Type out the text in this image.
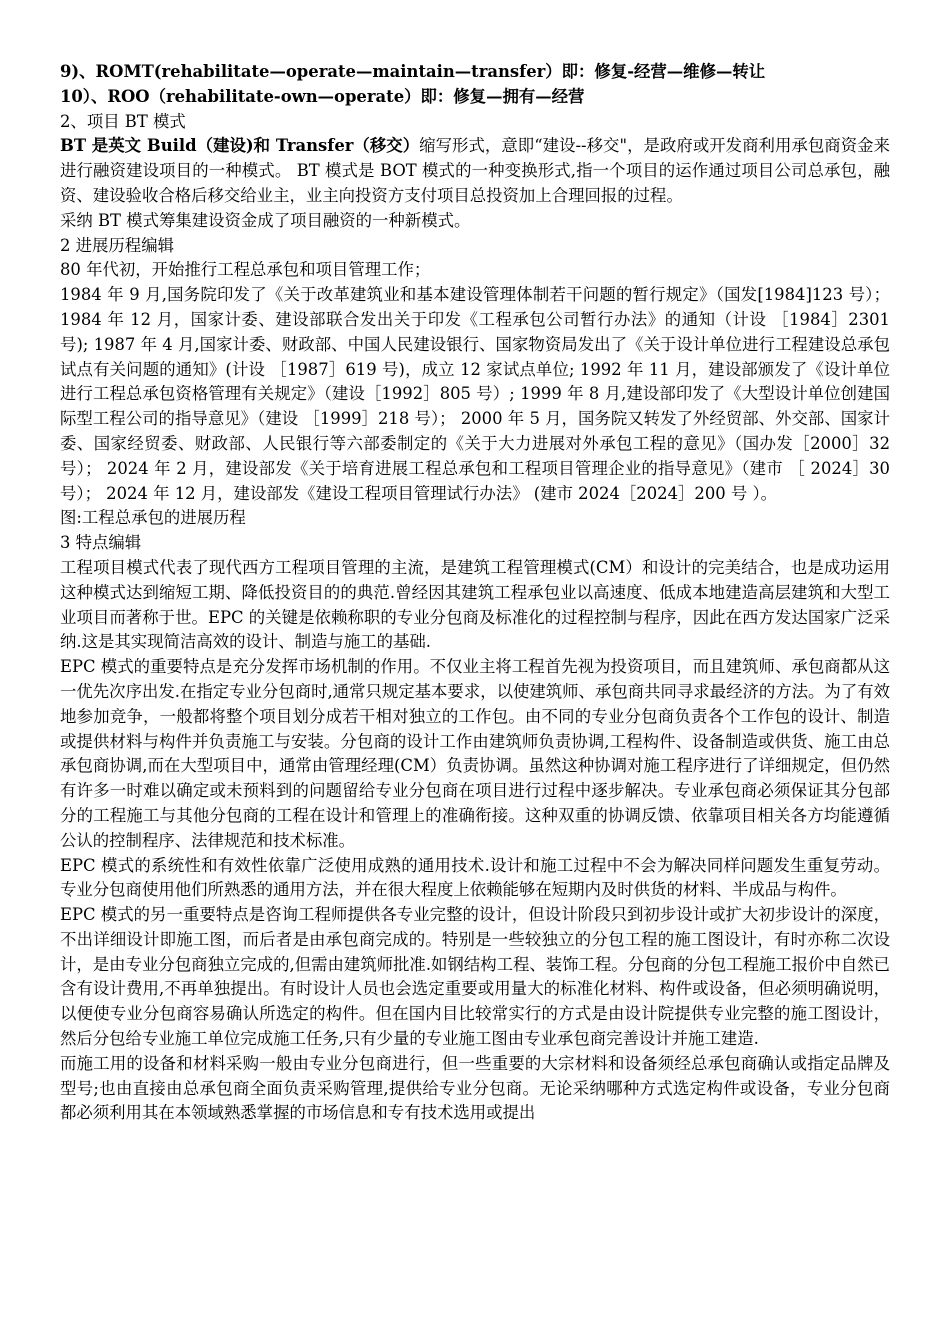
9)、ROMT(rehabilitate—operate—maintain—transfer）即：修复-经营—维修—转让

10）、ROO（rehabilitate-own—operate）即：修复—拥有—经营

2、项目 BT 模式

BT 是英文 Build（建设)和 Transfer（移交）缩写形式，意即“建设--移交"，是政府或开发商利用承包商资金来进行融资建设项目的一种模式。 BT 模式是 BOT 模式的一种变换形式,指一个项目的运作通过项目公司总承包，融资、建设验收合格后移交给业主，业主向投资方支付项目总投资加上合理回报的过程。

采纳 BT 模式筹集建设资金成了项目融资的一种新模式。

2 进展历程编辑

80 年代初，开始推行工程总承包和项目管理工作；

1984 年 9 月,国务院印发了《关于改革建筑业和基本建设管理体制若干问题的暂行规定》（国发[1984]123 号）； 1984 年 12 月，国家计委、建设部联合发出关于印发《工程承包公司暂行办法》的通知（计设 ［1984］2301 号); 1987 年 4 月,国家计委、财政部、中国人民建设银行、国家物资局发出了《关于设计单位进行工程建设总承包试点有关问题的通知》(计设 ［1987］619 号)，成立 12 家试点单位; 1992 年 11 月，建设部颁发了《设计单位进行工程总承包资格管理有关规定》（建设［1992］805 号）; 1999 年 8 月,建设部印发了《大型设计单位创建国际型工程公司的指导意见》（建设 ［1999］218 号）； 2000 年 5 月，国务院又转发了外经贸部、外交部、国家计委、国家经贸委、财政部、人民银行等六部委制定的《关于大力进展对外承包工程的意见》（国办发［2000］32 号）； 2024 年 2 月，建设部发《关于培育进展工程总承包和工程项目管理企业的指导意见》（建市 ［ 2024］30 号）； 2024 年 12 月，建设部发《建设工程项目管理试行办法》 (建市 2024［2024］200 号 ）。

图:工程总承包的进展历程

3 特点编辑

工程项目模式代表了现代西方工程项目管理的主流，是建筑工程管理模式(CM）和设计的完美结合，也是成功运用这种模式达到缩短工期、降低投资目的的典范.曾经因其建筑工程承包业以高速度、低成本地建造高层建筑和大型工业项目而著称于世。EPC 的关键是依赖称职的专业分包商及标准化的过程控制与程序，因此在西方发达国家广泛采纳.这是其实现简洁高效的设计、制造与施工的基础.

EPC 模式的重要特点是充分发挥市场机制的作用。不仅业主将工程首先视为投资项目，而且建筑师、承包商都从这一优先次序出发.在指定专业分包商时,通常只规定基本要求，以使建筑师、承包商共同寻求最经济的方法。为了有效地参加竞争，一般都将整个项目划分成若干相对独立的工作包。由不同的专业分包商负责各个工作包的设计、制造或提供材料与构件并负责施工与安装。分包商的设计工作由建筑师负责协调,工程构件、设备制造或供货、施工由总承包商协调,而在大型项目中，通常由管理经理(CM）负责协调。虽然这种协调对施工程序进行了详细规定，但仍然有许多一时难以确定或未预料到的问题留给专业分包商在项目进行过程中逐步解决。专业承包商必须保证其分包部分的工程施工与其他分包商的工程在设计和管理上的准确衔接。这种双重的协调反馈、依靠项目相关各方均能遵循公认的控制程序、法律规范和技术标准。

EPC 模式的系统性和有效性依靠广泛使用成熟的通用技术.设计和施工过程中不会为解决同样问题发生重复劳动。专业分包商使用他们所熟悉的通用方法，并在很大程度上依赖能够在短期内及时供货的材料、半成品与构件。

EPC 模式的另一重要特点是咨询工程师提供各专业完整的设计，但设计阶段只到初步设计或扩大初步设计的深度，不出详细设计即施工图，而后者是由承包商完成的。特别是一些较独立的分包工程的施工图设计，有时亦称二次设计，是由专业分包商独立完成的,但需由建筑师批准.如钢结构工程、装饰工程。分包商的分包工程施工报价中自然已含有设计费用,不再单独提出。有时设计人员也会选定重要或用量大的标准化材料、构件或设备，但必须明确说明，以便使专业分包商容易确认所选定的构件。但在国内目比较常实行的方式是由设计院提供专业完整的施工图设计，然后分包给专业施工单位完成施工任务,只有少量的专业施工图由专业承包商完善设计并施工建造.

而施工用的设备和材料采购一般由专业分包商进行，但一些重要的大宗材料和设备须经总承包商确认或指定品牌及型号;也由直接由总承包商全面负责采购管理,提供给专业分包商。无论采纳哪种方式选定构件或设备，专业分包商都必须利用其在本领域熟悉掌握的市场信息和专有技术选用或提出
